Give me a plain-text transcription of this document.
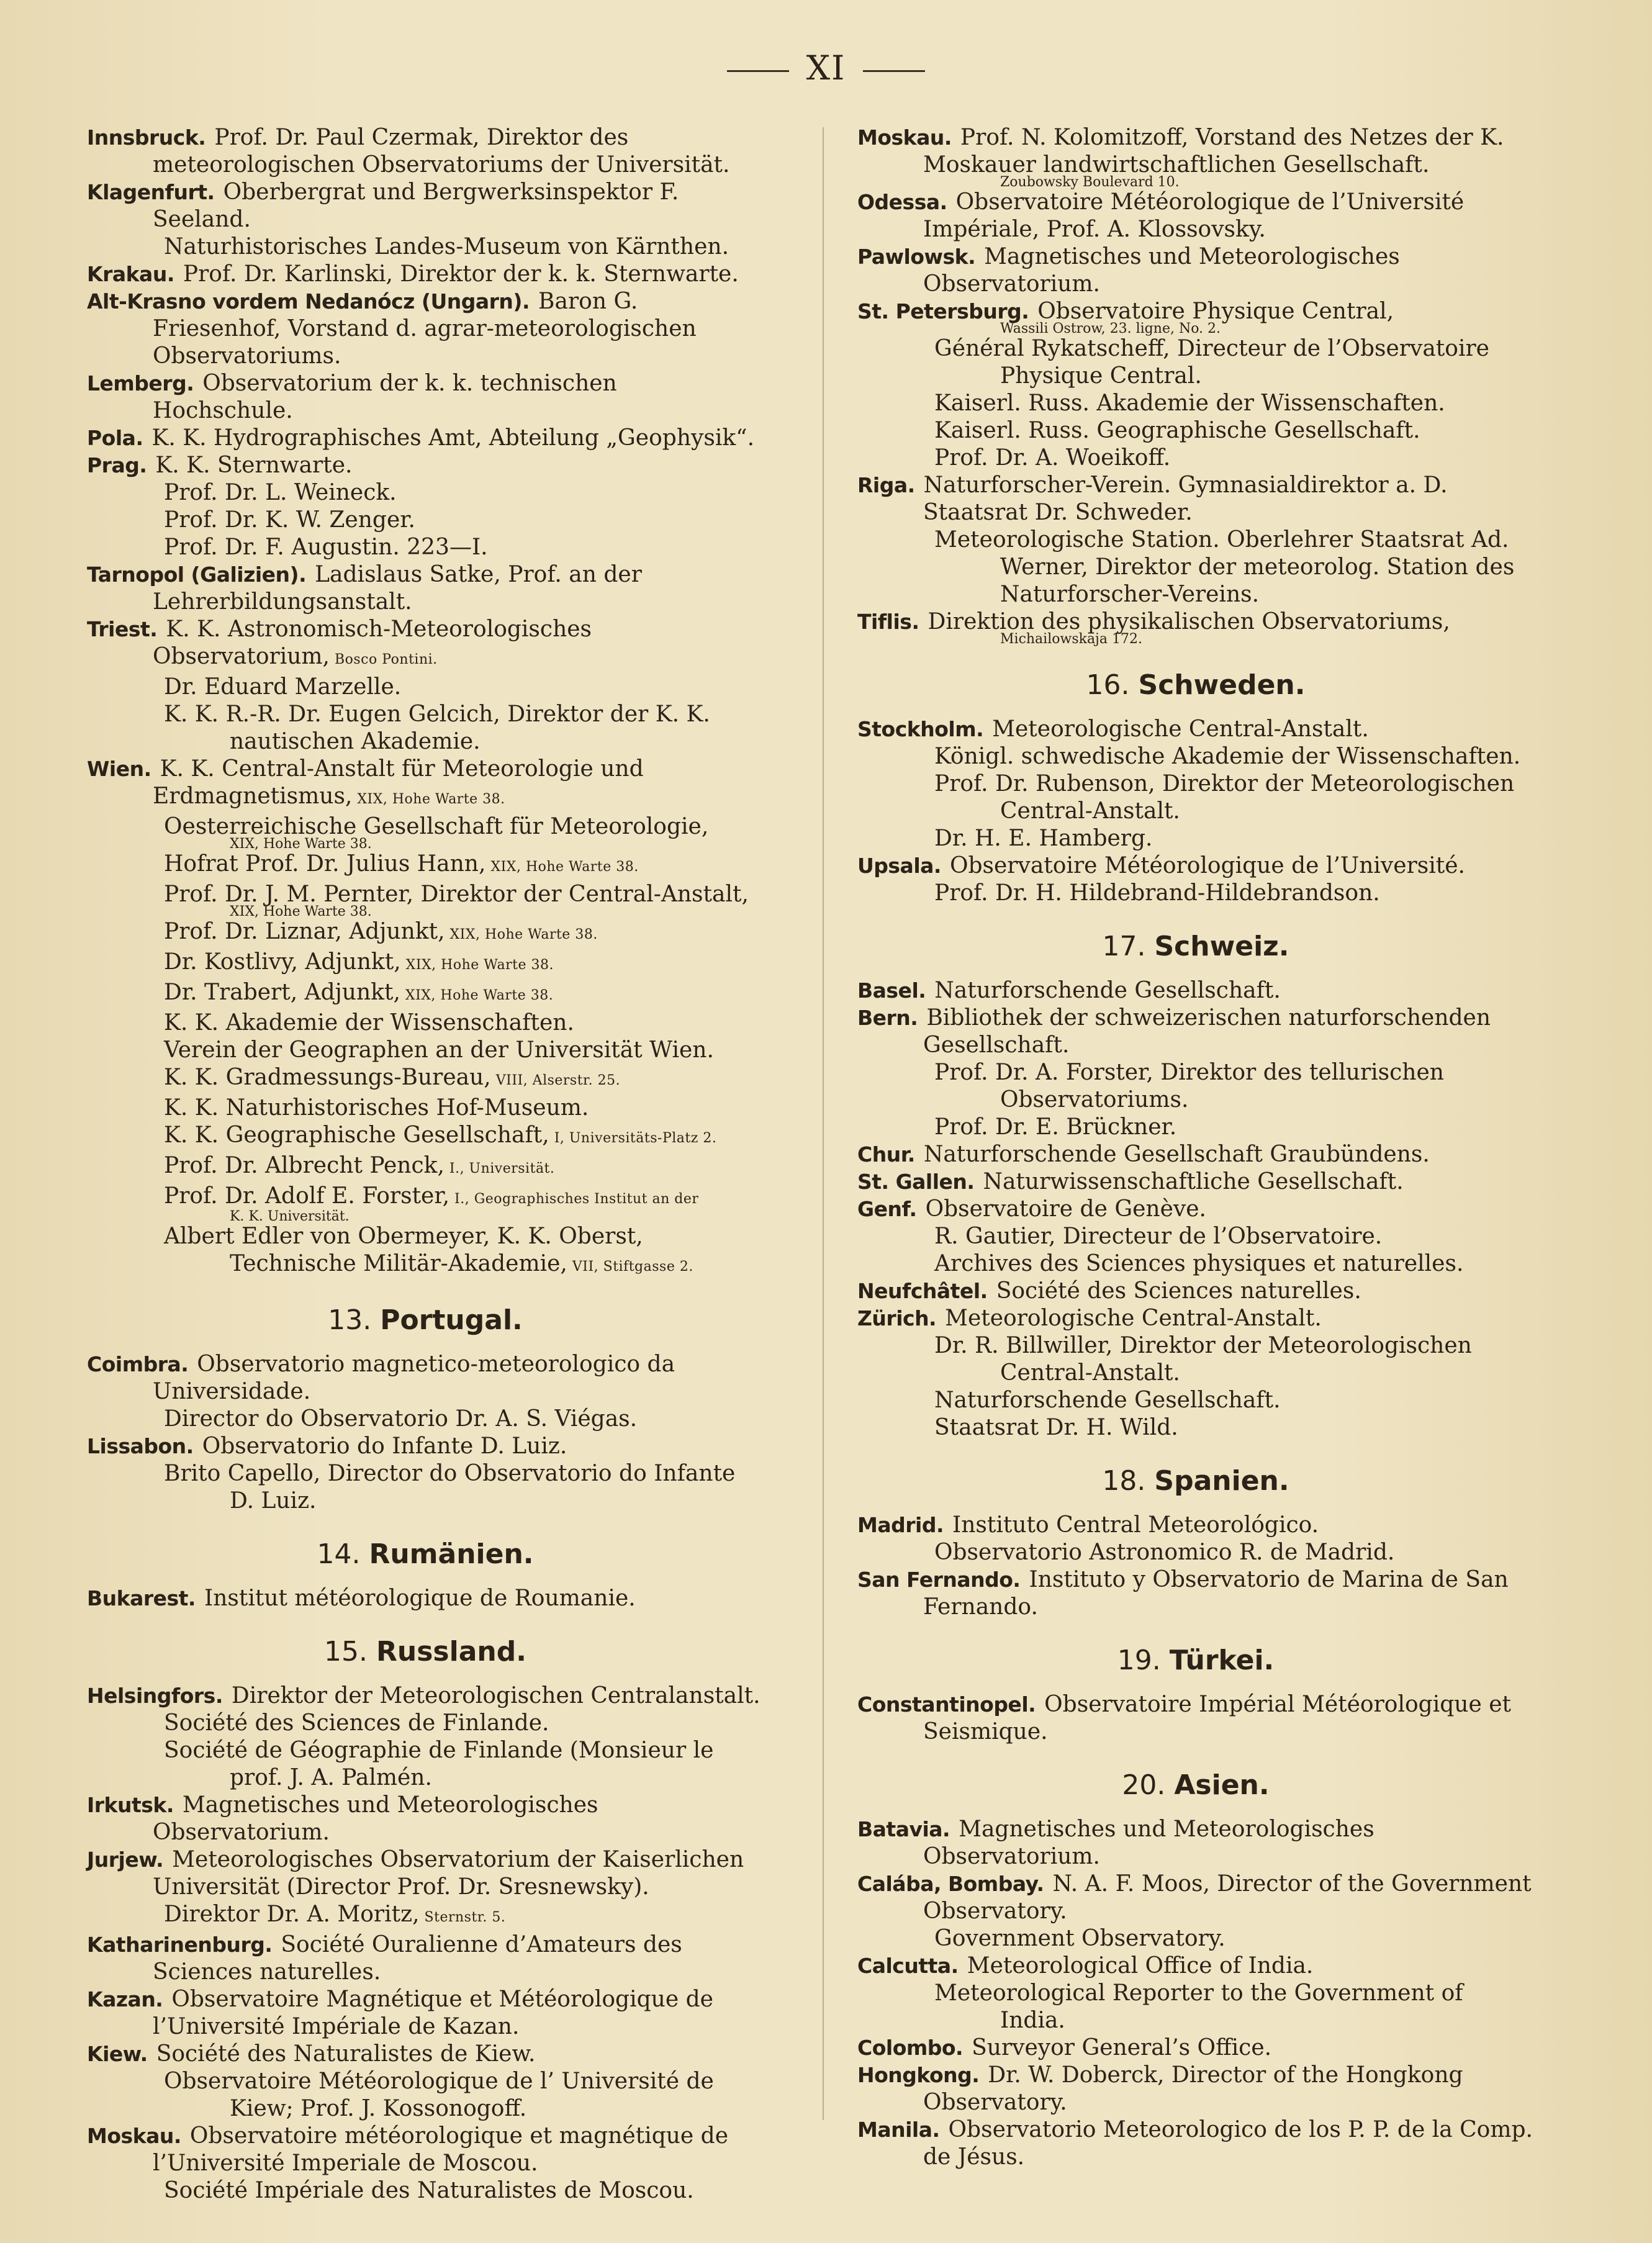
XI

Innsbruck. Prof. Dr. Paul Czermak, Direktor des meteorologischen Observatoriums der Universität.

Klagenfurt. Oberbergrat und Bergwerksinspektor F. Seeland.

Naturhistorisches Landes-Museum von Kärnthen.

Krakau. Prof. Dr. Karlinski, Direktor der k. k. Sternwarte.

Alt-Krasno vordem Nedanócz (Ungarn). Baron G. Friesenhof, Vorstand d. agrar-meteorologischen Observatoriums.

Lemberg. Observatorium der k. k. technischen Hochschule.

Pola. K. K. Hydrographisches Amt, Abteilung „Geophysik“.

Prag. K. K. Sternwarte.

Prof. Dr. L. Weineck.

Prof. Dr. K. W. Zenger.

Prof. Dr. F. Augustin. 223—I.

Tarnopol (Galizien). Ladislaus Satke, Prof. an der Lehrerbildungsanstalt.

Triest. K. K. Astronomisch-Meteorologisches Observatorium, Bosco Pontini.

Dr. Eduard Marzelle.

K. K. R.-R. Dr. Eugen Gelcich, Direktor der K. K. nautischen Akademie.

Wien. K. K. Central-Anstalt für Meteorologie und Erdmagnetismus, XIX, Hohe Warte 38.

Oesterreichische Gesellschaft für Meteorologie,

XIX, Hohe Warte 38.

Hofrat Prof. Dr. Julius Hann, XIX, Hohe Warte 38.

Prof. Dr. J. M. Pernter, Direktor der Central-Anstalt,

XIX, Hohe Warte 38.

Prof. Dr. Liznar, Adjunkt, XIX, Hohe Warte 38.

Dr. Kostlivy, Adjunkt, XIX, Hohe Warte 38.

Dr. Trabert, Adjunkt, XIX, Hohe Warte 38.

K. K. Akademie der Wissenschaften.

Verein der Geographen an der Universität Wien.

K. K. Gradmessungs-Bureau, VIII, Alserstr. 25.

K. K. Naturhistorisches Hof-Museum.

K. K. Geographische Gesellschaft, I, Universitäts-Platz 2.

Prof. Dr. Albrecht Penck, I., Universität.

Prof. Dr. Adolf E. Forster, I., Geographisches Institut an der

K. K. Universität.

Albert Edler von Obermeyer, K. K. Oberst, Technische Militär-Akademie, VII, Stiftgasse 2.

13. Portugal.

Coimbra. Observatorio magnetico-meteorologico da Universidade.

Director do Observatorio Dr. A. S. Viégas.

Lissabon. Observatorio do Infante D. Luiz.

Brito Capello, Director do Observatorio do Infante D. Luiz.

14. Rumänien.

Bukarest. Institut météorologique de Roumanie.

15. Russland.

Helsingfors. Direktor der Meteorologischen Centralanstalt.

Société des Sciences de Finlande.

Société de Géographie de Finlande (Monsieur le prof. J. A. Palmén.

Irkutsk. Magnetisches und Meteorologisches Observatorium.

Jurjew. Meteorologisches Observatorium der Kaiserlichen Universität (Director Prof. Dr. Sresnewsky).

Direktor Dr. A. Moritz, Sternstr. 5.

Katharinenburg. Société Ouralienne d’Amateurs des Sciences naturelles.

Kazan. Observatoire Magnétique et Météorologique de l’Université Impériale de Kazan.

Kiew. Société des Naturalistes de Kiew.

Observatoire Météorologique de l’ Université de Kiew; Prof. J. Kossonogoff.

Moskau. Observatoire météorologique et magnétique de l’Université Imperiale de Moscou.

Société Impériale des Naturalistes de Moscou.

Moskau. Prof. N. Kolomitzoff, Vorstand des Netzes der K. Moskauer landwirtschaftlichen Gesellschaft.

Zoubowsky Boulevard 10.

Odessa. Observatoire Météorologique de l’Université Impériale, Prof. A. Klossovsky.

Pawlowsk. Magnetisches und Meteorologisches Observatorium.

St. Petersburg. Observatoire Physique Central,

Wassili Ostrow, 23. ligne, No. 2.

Général Rykatscheff, Directeur de l’Observatoire Physique Central.

Kaiserl. Russ. Akademie der Wissenschaften.

Kaiserl. Russ. Geographische Gesellschaft.

Prof. Dr. A. Woeikoff.

Riga. Naturforscher-Verein. Gymnasialdirektor a. D. Staatsrat Dr. Schweder.

Meteorologische Station. Oberlehrer Staatsrat Ad. Werner, Direktor der meteorolog. Station des Naturforscher-Vereins.

Tiflis. Direktion des physikalischen Observatoriums,

Michailowskaja 172.
16. Schweden.

Stockholm. Meteorologische Central-Anstalt.

Königl. schwedische Akademie der Wissenschaften.

Prof. Dr. Rubenson, Direktor der Meteorologischen Central-Anstalt.

Dr. H. E. Hamberg.

Upsala. Observatoire Météorologique de l’Université.

Prof. Dr. H. Hildebrand-Hildebrandson.

17. Schweiz.

Basel. Naturforschende Gesellschaft.

Bern. Bibliothek der schweizerischen naturforschenden Gesellschaft.

Prof. Dr. A. Forster, Direktor des tellurischen Observatoriums.

Prof. Dr. E. Brückner.

Chur. Naturforschende Gesellschaft Graubündens.

St. Gallen. Naturwissenschaftliche Gesellschaft.

Genf. Observatoire de Genève.

R. Gautier, Directeur de l’Observatoire.

Archives des Sciences physiques et naturelles.

Neufchâtel. Société des Sciences naturelles.

Zürich. Meteorologische Central-Anstalt.

Dr. R. Billwiller, Direktor der Meteorologischen Central-Anstalt.

Naturforschende Gesellschaft.

Staatsrat Dr. H. Wild.

18. Spanien.

Madrid. Instituto Central Meteorológico.

Observatorio Astronomico R. de Madrid.

San Fernando. Instituto y Observatorio de Marina de San Fernando.

19. Türkei.

Constantinopel. Observatoire Impérial Météorologique et Seismique.

20. Asien.

Batavia. Magnetisches und Meteorologisches Observatorium.

Calába, Bombay. N. A. F. Moos, Director of the Government Observatory.

Government Observatory.

Calcutta. Meteorological Office of India.

Meteorological Reporter to the Government of India.

Colombo. Surveyor General’s Office.

Hongkong. Dr. W. Doberck, Director of the Hongkong Observatory.

Manila. Observatorio Meteorologico de los P. P. de la Comp. de Jésus.
